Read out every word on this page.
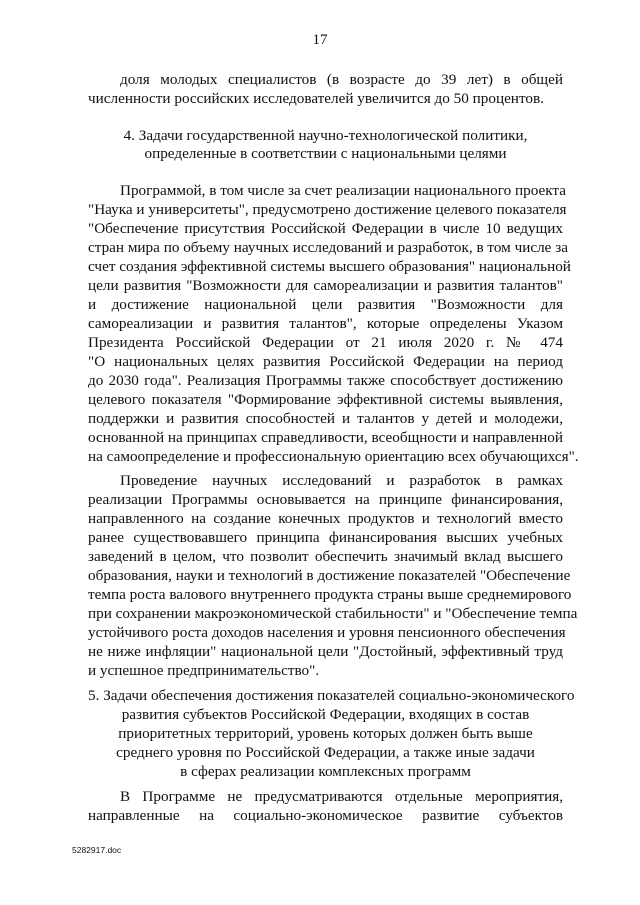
17
доля молодых специалистов (в возрасте до 39 лет) в общей
численности российских исследователей увеличится до 50 процентов.
4. Задачи государственной научно-технологической политики,
определенные в соответствии с национальными целями
Программой, в том числе за счет реализации национального проекта
"Наука и университеты", предусмотрено достижение целевого показателя
"Обеспечение присутствия Российской Федерации в числе 10 ведущих
стран мира по объему научных исследований и разработок, в том числе за
счет создания эффективной системы высшего образования" национальной
цели развития "Возможности для самореализации и развития талантов"
и достижение национальной цели развития "Возможности для
самореализации и развития талантов", которые определены Указом
Президента Российской Федерации от 21 июля 2020 г. № 474
"О национальных целях развития Российской Федерации на период
до 2030 года". Реализация Программы также способствует достижению
целевого показателя "Формирование эффективной системы выявления,
поддержки и развития способностей и талантов у детей и молодежи,
основанной на принципах справедливости, всеобщности и направленной
на самоопределение и профессиональную ориентацию всех обучающихся".
Проведение научных исследований и разработок в рамках
реализации Программы основывается на принципе финансирования,
направленного на создание конечных продуктов и технологий вместо
ранее существовавшего принципа финансирования высших учебных
заведений в целом, что позволит обеспечить значимый вклад высшего
образования, науки и технологий в достижение показателей "Обеспечение
темпа роста валового внутреннего продукта страны выше среднемирового
при сохранении макроэкономической стабильности" и "Обеспечение темпа
устойчивого роста доходов населения и уровня пенсионного обеспечения
не ниже инфляции" национальной цели "Достойный, эффективный труд
и успешное предпринимательство".
5. Задачи обеспечения достижения показателей социально-экономического
развития субъектов Российской Федерации, входящих в состав
приоритетных территорий, уровень которых должен быть выше
среднего уровня по Российской Федерации, а также иные задачи
в сферах реализации комплексных программ
В Программе не предусматриваются отдельные мероприятия,
направленные на социально-экономическое развитие субъектов
5282917.doc
